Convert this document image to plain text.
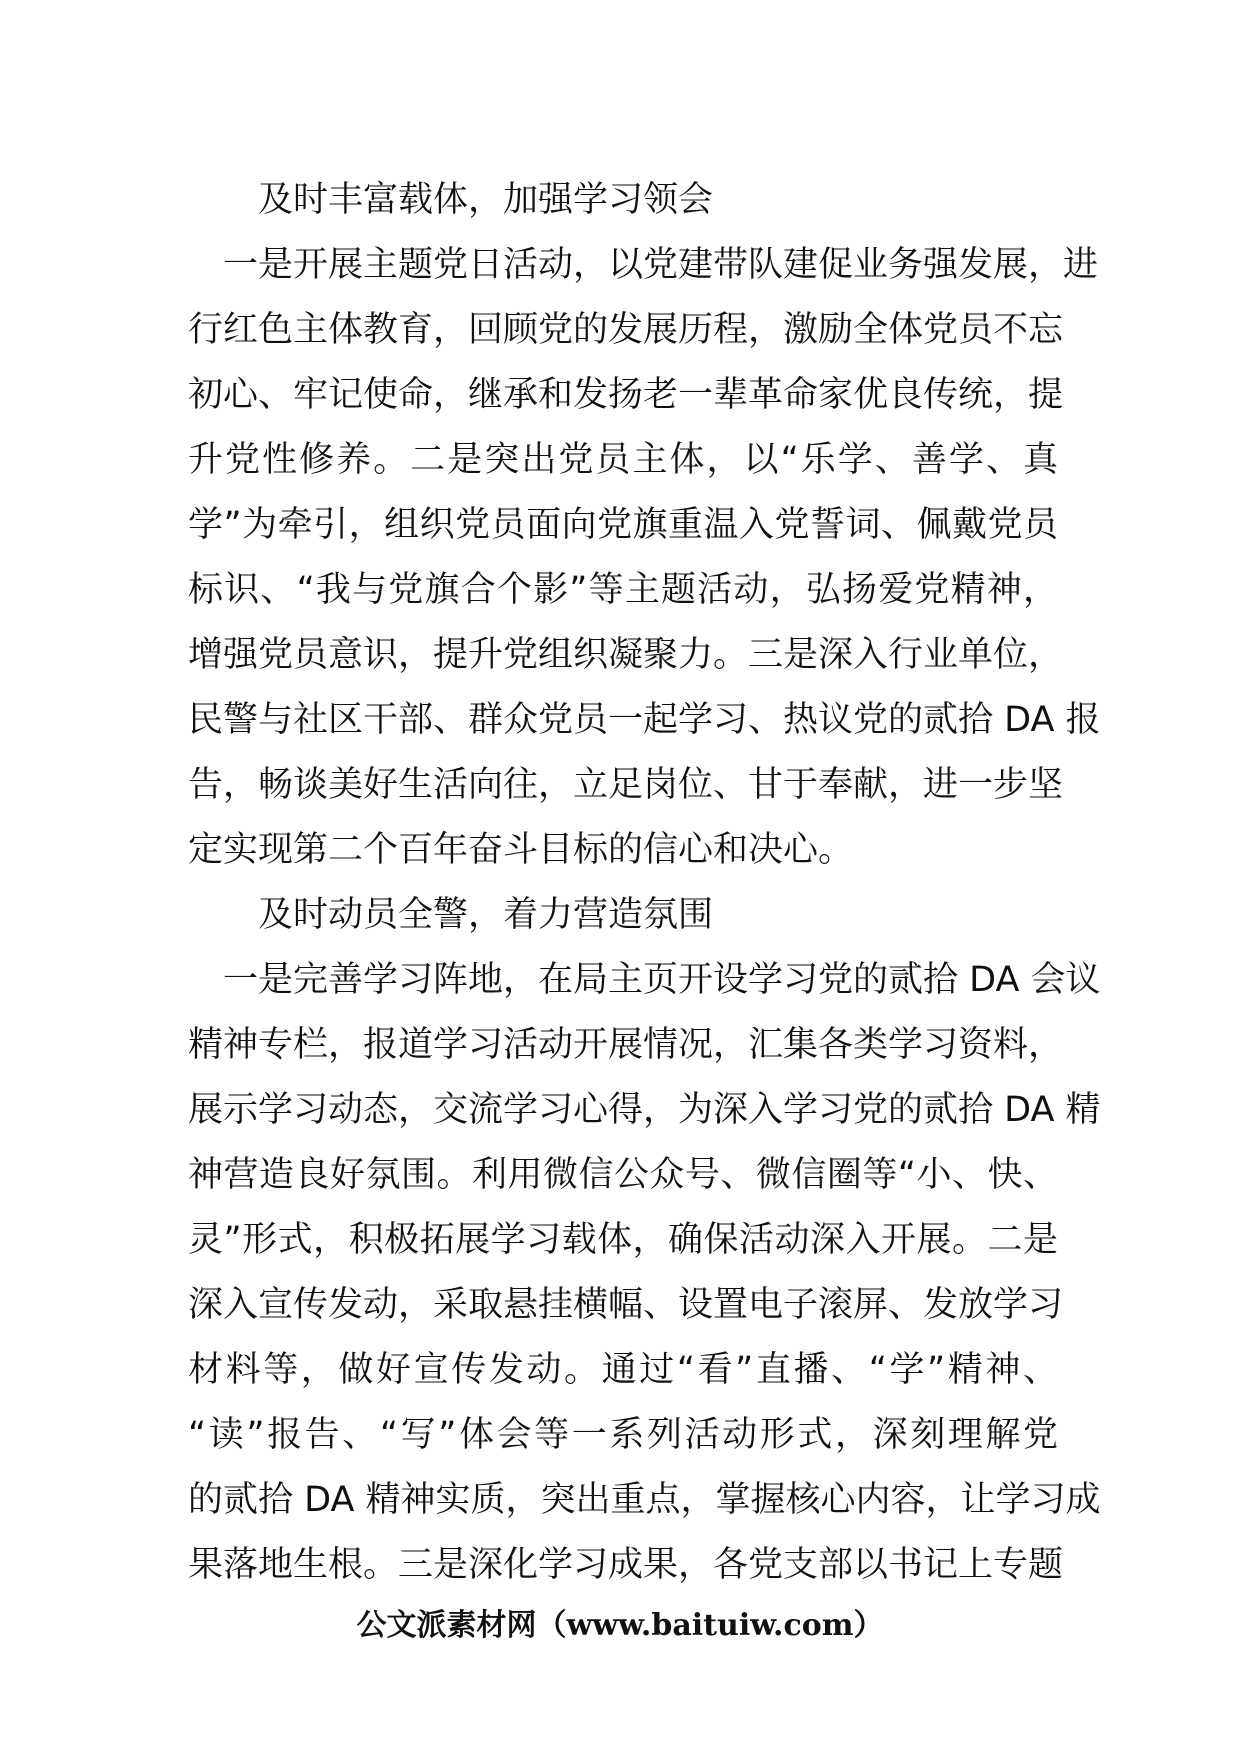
及时丰富载体，加强学习领会
一是开展主题党日活动，以党建带队建促业务强发展，进
行红色主体教育，回顾党的发展历程，激励全体党员不忘
初心、牢记使命，继承和发扬老一辈革命家优良传统，提
升党性修养。二是突出党员主体，以“乐学、善学、真
学”为牵引，组织党员面向党旗重温入党誓词、佩戴党员
标识、“我与党旗合个影”等主题活动，弘扬爱党精神，
增强党员意识，提升党组织凝聚力。三是深入行业单位，
民警与社区干部、群众党员一起学习、热议党的贰拾 DA 报
告，畅谈美好生活向往，立足岗位、甘于奉献，进一步坚
定实现第二个百年奋斗目标的信心和决心。
及时动员全警，着力营造氛围
一是完善学习阵地，在局主页开设学习党的贰拾 DA 会议
精神专栏，报道学习活动开展情况，汇集各类学习资料，
展示学习动态，交流学习心得，为深入学习党的贰拾 DA 精
神营造良好氛围。利用微信公众号、微信圈等“小、快、
灵”形式，积极拓展学习载体，确保活动深入开展。二是
深入宣传发动，采取悬挂横幅、设置电子滚屏、发放学习
材料等，做好宣传发动。通过“看”直播、“学”精神、
“读”报告、“写”体会等一系列活动形式，深刻理解党
的贰拾 DA 精神实质，突出重点，掌握核心内容，让学习成
果落地生根。三是深化学习成果，各党支部以书记上专题
公文派素材网（www.baituiw.com）
